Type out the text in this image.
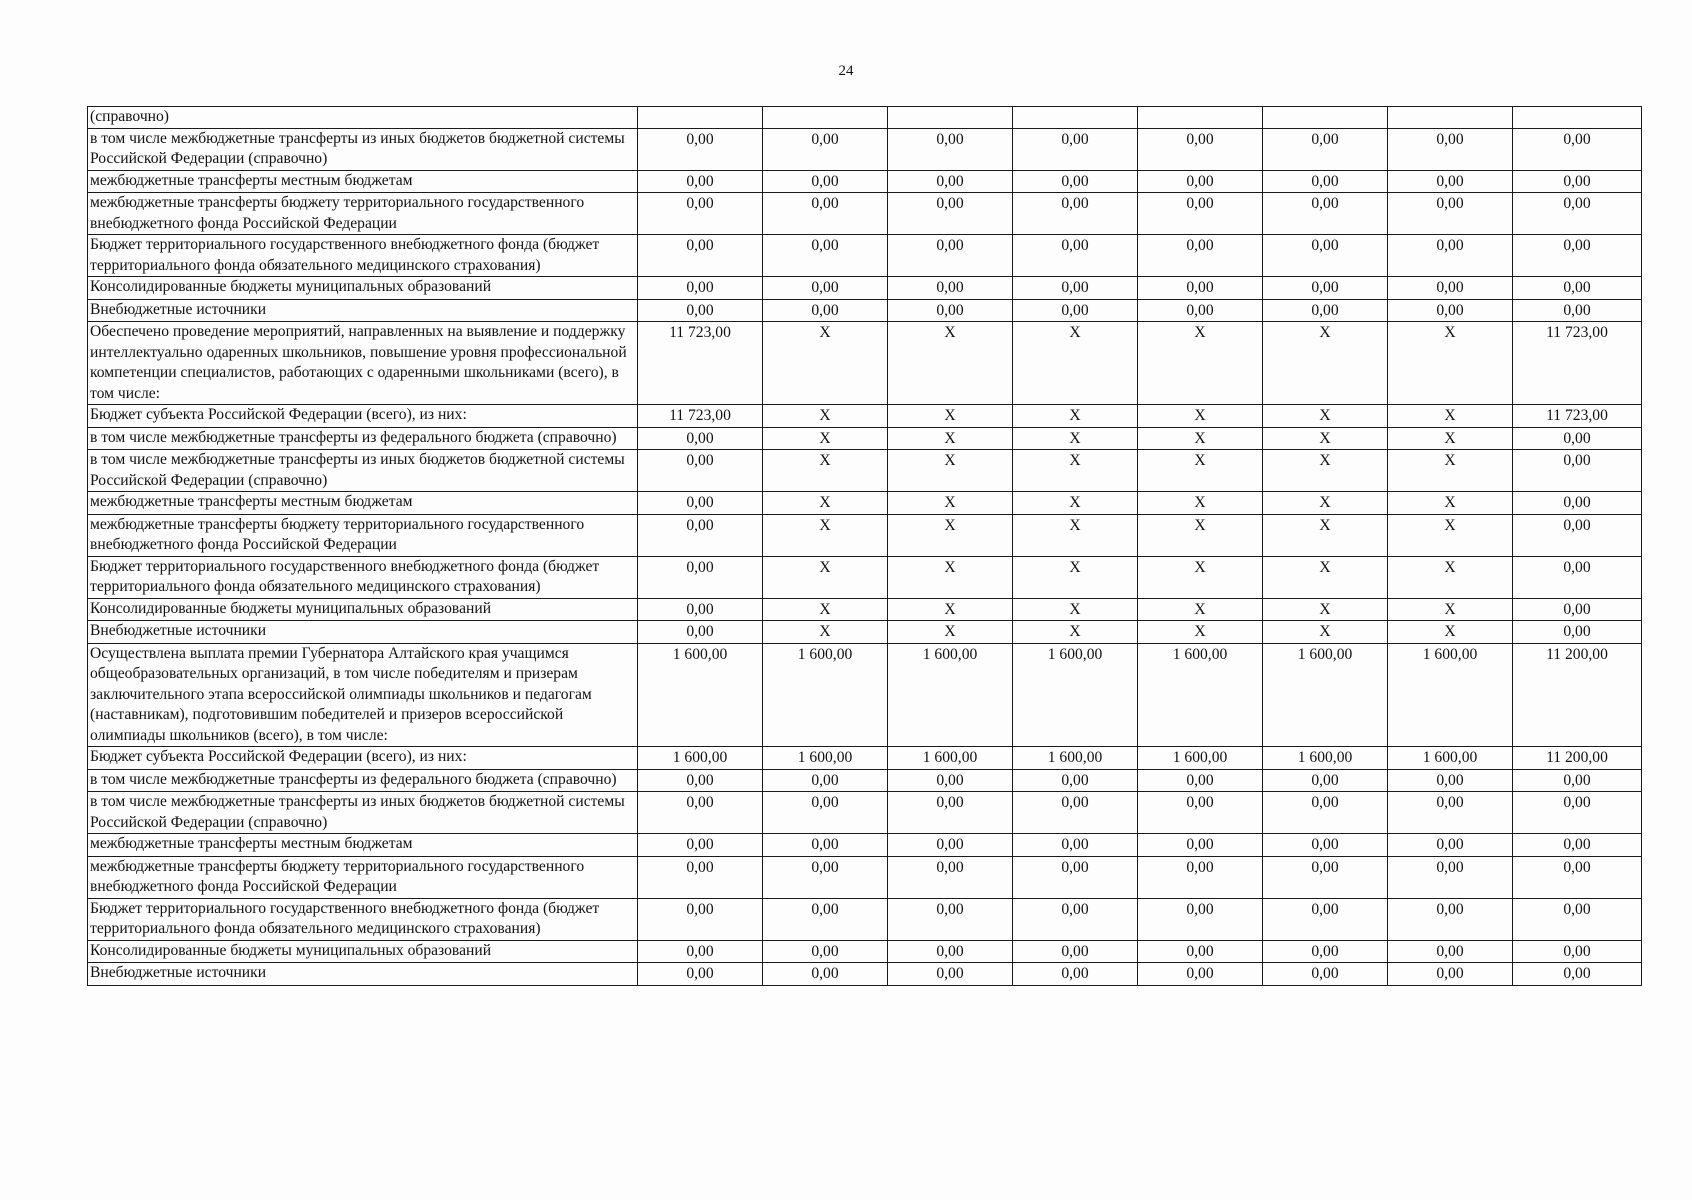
24
(справочно)								
в том числе межбюджетные трансферты из иных бюджетов бюджетной системы Российской Федерации (справочно)	0,00	0,00	0,00	0,00	0,00	0,00	0,00	0,00
межбюджетные трансферты местным бюджетам	0,00	0,00	0,00	0,00	0,00	0,00	0,00	0,00
межбюджетные трансферты бюджету территориального государственного внебюджетного фонда Российской Федерации	0,00	0,00	0,00	0,00	0,00	0,00	0,00	0,00
Бюджет территориального государственного внебюджетного фонда (бюджет территориального фонда обязательного медицинского страхования)	0,00	0,00	0,00	0,00	0,00	0,00	0,00	0,00
Консолидированные бюджеты муниципальных образований	0,00	0,00	0,00	0,00	0,00	0,00	0,00	0,00
Внебюджетные источники	0,00	0,00	0,00	0,00	0,00	0,00	0,00	0,00
Обеспечено проведение мероприятий, направленных на выявление и поддержку интеллектуально одаренных школьников, повышение уровня профессиональной компетенции специалистов, работающих с одаренными школьниками (всего), в том числе:	11 723,00	X	X	X	X	X	X	11 723,00
Бюджет субъекта Российской Федерации (всего), из них:	11 723,00	X	X	X	X	X	X	11 723,00
в том числе межбюджетные трансферты из федерального бюджета (справочно)	0,00	X	X	X	X	X	X	0,00
в том числе межбюджетные трансферты из иных бюджетов бюджетной системы Российской Федерации (справочно)	0,00	X	X	X	X	X	X	0,00
межбюджетные трансферты местным бюджетам	0,00	X	X	X	X	X	X	0,00
межбюджетные трансферты бюджету территориального государственного внебюджетного фонда Российской Федерации	0,00	X	X	X	X	X	X	0,00
Бюджет территориального государственного внебюджетного фонда (бюджет территориального фонда обязательного медицинского страхования)	0,00	X	X	X	X	X	X	0,00
Консолидированные бюджеты муниципальных образований	0,00	X	X	X	X	X	X	0,00
Внебюджетные источники	0,00	X	X	X	X	X	X	0,00
Осуществлена выплата премии Губернатора Алтайского края учащимся общеобразовательных организаций, в том числе победителям и призерам заключительного этапа всероссийской олимпиады школьников и педагогам (наставникам), подготовившим победителей и призеров всероссийской олимпиады школьников (всего), в том числе:	1 600,00	1 600,00	1 600,00	1 600,00	1 600,00	1 600,00	1 600,00	11 200,00
Бюджет субъекта Российской Федерации (всего), из них:	1 600,00	1 600,00	1 600,00	1 600,00	1 600,00	1 600,00	1 600,00	11 200,00
в том числе межбюджетные трансферты из федерального бюджета (справочно)	0,00	0,00	0,00	0,00	0,00	0,00	0,00	0,00
в том числе межбюджетные трансферты из иных бюджетов бюджетной системы Российской Федерации (справочно)	0,00	0,00	0,00	0,00	0,00	0,00	0,00	0,00
межбюджетные трансферты местным бюджетам	0,00	0,00	0,00	0,00	0,00	0,00	0,00	0,00
межбюджетные трансферты бюджету территориального государственного внебюджетного фонда Российской Федерации	0,00	0,00	0,00	0,00	0,00	0,00	0,00	0,00
Бюджет территориального государственного внебюджетного фонда (бюджет территориального фонда обязательного медицинского страхования)	0,00	0,00	0,00	0,00	0,00	0,00	0,00	0,00
Консолидированные бюджеты муниципальных образований	0,00	0,00	0,00	0,00	0,00	0,00	0,00	0,00
Внебюджетные источники	0,00	0,00	0,00	0,00	0,00	0,00	0,00	0,00
